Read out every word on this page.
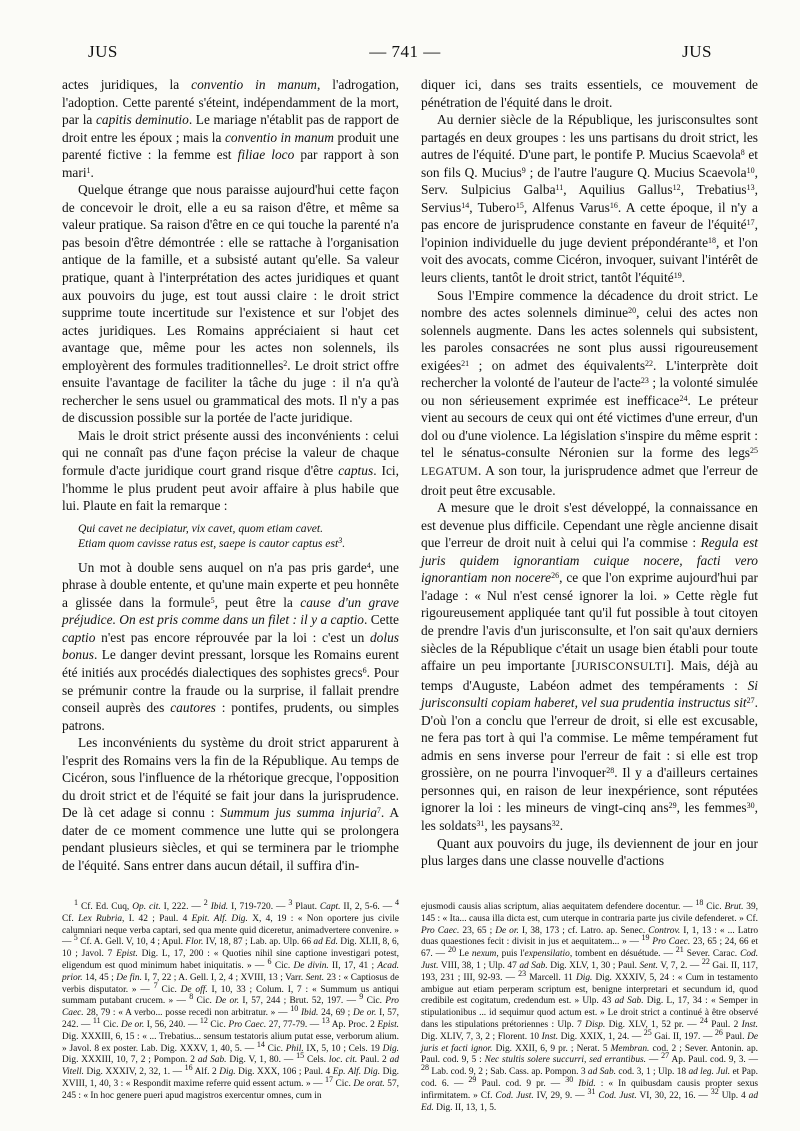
JUS	— 741 —	JUS

actes juridiques, la conventio in manum, l'adrogation, l'adoption. Cette parenté s'éteint, indépendamment de la mort, par la capitis deminutio. Le mariage n'établit pas de rapport de droit entre les époux ; mais la conventio in manum produit une parenté fictive : la femme est filiae loco par rapport à son mari$^1$.

Quelque étrange que nous paraisse aujourd'hui cette façon de concevoir le droit, elle a eu sa raison d'être, et même sa valeur pratique. Sa raison d'être en ce qui touche la parenté n'a pas besoin d'être démontrée : elle se rattache à l'organisation antique de la famille, et a subsisté autant qu'elle. Sa valeur pratique, quant à l'interprétation des actes juridiques et quant aux pouvoirs du juge, est tout aussi claire : le droit strict supprime toute incertitude sur l'existence et sur l'objet des actes juridiques. Les Romains appréciaient si haut cet avantage que, même pour les actes non solennels, ils employèrent des formules traditionnelles$^2$. Le droit strict offre ensuite l'avantage de faciliter la tâche du juge : il n'a qu'à rechercher le sens usuel ou grammatical des mots. Il n'y a pas de discussion possible sur la portée de l'acte juridique.

Mais le droit strict présente aussi des inconvénients : celui qui ne connaît pas d'une façon précise la valeur de chaque formule d'acte juridique court grand risque d'être captus. Ici, l'homme le plus prudent peut avoir affaire à plus habile que lui. Plaute en fait la remarque :

Qui cavet ne decipiatur, vix cavet, quom etiam cavet.
Etiam quom cavisse ratus est, saepe is cautor captus est$^3$.

Un mot à double sens auquel on n'a pas pris garde$^4$, une phrase à double entente, et qu'une main experte et peu honnête a glissée dans la formule$^5$, peut être la cause d'un grave préjudice. On est pris comme dans un filet : il y a captio. Cette captio n'est pas encore réprouvée par la loi : c'est un dolus bonus. Le danger devint pressant, lorsque les Romains eurent été initiés aux procédés dialectiques des sophistes grecs$^6$. Pour se prémunir contre la fraude ou la surprise, il fallait prendre conseil auprès des cautores : pontifes, prudents, ou simples patrons.

Les inconvénients du système du droit strict apparurent à l'esprit des Romains vers la fin de la République. Au temps de Cicéron, sous l'influence de la rhétorique grecque, l'opposition du droit strict et de l'équité se fait jour dans la jurisprudence. De là cet adage si connu : Summum jus summa injuria$^7$. A dater de ce moment commence une lutte qui se prolongera pendant plusieurs siècles, et qui se terminera par le triomphe de l'équité. Sans entrer dans aucun détail, il suffira d'in-

diquer ici, dans ses traits essentiels, ce mouvement de pénétration de l'équité dans le droit.

Au dernier siècle de la République, les jurisconsultes sont partagés en deux groupes : les uns partisans du droit strict, les autres de l'équité. D'une part, le pontife P. Mucius Scaevola$^8$ et son fils Q. Mucius$^9$ ; de l'autre l'augure Q. Mucius Scaevola$^{10}$, Serv. Sulpicius Galba$^{11}$, Aquilius Gallus$^{12}$, Trebatius$^{13}$, Servius$^{14}$, Tubero$^{15}$, Alfenus Varus$^{16}$. A cette époque, il n'y a pas encore de jurisprudence constante en faveur de l'équité$^{17}$, l'opinion individuelle du juge devient prépondérante$^{18}$, et l'on voit des avocats, comme Cicéron, invoquer, suivant l'intérêt de leurs clients, tantôt le droit strict, tantôt l'équité$^{19}$.

Sous l'Empire commence la décadence du droit strict. Le nombre des actes solennels diminue$^{20}$, celui des actes non solennels augmente. Dans les actes solennels qui subsistent, les paroles consacrées ne sont plus aussi rigoureusement exigées$^{21}$ ; on admet des équivalents$^{22}$. L'interprète doit rechercher la volonté de l'auteur de l'acte$^{23}$ ; la volonté simulée ou non sérieusement exprimée est inefficace$^{24}$. Le préteur vient au secours de ceux qui ont été victimes d'une erreur, d'un dol ou d'une violence. La législation s'inspire du même esprit : tel le sénatus-consulte Néronien sur la forme des legs$^{25}$ LEGATUM. A son tour, la jurisprudence admet que l'erreur de droit peut être excusable.

A mesure que le droit s'est développé, la connaissance en est devenue plus difficile. Cependant une règle ancienne disait que l'erreur de droit nuit à celui qui l'a commise : Regula est juris quidem ignorantiam cuique nocere, facti vero ignorantiam non nocere$^{26}$, ce que l'on exprime aujourd'hui par l'adage : « Nul n'est censé ignorer la loi. » Cette règle fut rigoureusement appliquée tant qu'il fut possible à tout citoyen de prendre l'avis d'un jurisconsulte, et l'on sait qu'aux derniers siècles de la République c'était un usage bien établi pour toute affaire un peu importante [JURISCONSULTI]. Mais, déjà au temps d'Auguste, Labéon admet des tempéraments : Si jurisconsulti copiam haberet, vel sua prudentia instructus sit$^{27}$. D'où l'on a conclu que l'erreur de droit, si elle est excusable, ne fera pas tort à qui l'a commise. Le même tempérament fut admis en sens inverse pour l'erreur de fait : si elle est trop grossière, on ne pourra l'invoquer$^{28}$. Il y a d'ailleurs certaines personnes qui, en raison de leur inexpérience, sont réputées ignorer la loi : les mineurs de vingt-cinq ans$^{29}$, les femmes$^{30}$, les soldats$^{31}$, les paysans$^{32}$.

Quant aux pouvoirs du juge, ils deviennent de jour en jour plus larges dans une classe nouvelle d'actions

$^1$ Cf. Ed. Cuq, Op. cit. I, 222. — $^2$ Ibid. I, 719-720. — $^3$ Plaut. Capt. II, 2, 5-6. — $^4$ Cf. Lex Rubria, I. 42 ; Paul. 4 Epit. Alf. Dig. X, 4, 19 : « Non oportere jus civile calumniari neque verba captari, sed qua mente quid diceretur, animadvertere convenire. » — $^5$ Cf. A. Gell. V, 10, 4 ; Apul. Flor. IV, 18, 87 ; Lab. ap. Ulp. 66 ad Ed. Dig. XLII, 8, 6, 10 ; Javol. 7 Epist. Dig. L, 17, 200 : « Quoties nihil sine captione investigari potest, eligendum est quod minimum habet iniquitatis. » — $^6$ Cic. De divin. II, 17, 41 ; Acad. prior. 14, 45 ; De fin. I, 7, 22 ; A. Gell. I, 2, 4 ; XVIII, 13 ; Varr. Sent. 23 : « Captiosus de verbis disputator. » — $^7$ Cic. De off. I, 10, 33 ; Colum. I, 7 : « Summum us antiqui summam putabant crucem. » — $^8$ Cic. De or. I, 57, 244 ; Brut. 52, 197. — $^9$ Cic. Pro Caec. 28, 79 : « A verbo... posse recedi non arbitratur. » — $^{10}$ Ibid. 24, 69 ; De or. I, 57, 242. — $^{11}$ Cic. De or. I, 56, 240. — $^{12}$ Cic. Pro Caec. 27, 77-79. — $^{13}$ Ap. Proc. 2 Epist. Dig. XXXIII, 6, 15 : « ... Trebatius... sensum testatoris alium putat esse, verborum alium. » Javol. 8 ex poster. Lab. Dig. XXXV, 1, 40, 5. — $^{14}$ Cic. Phil. IX, 5, 10 ; Cels. 19 Dig. Dig. XXXIII, 10, 7, 2 ; Pompon. 2 ad Sab. Dig. V, 1, 80. — $^{15}$ Cels. loc. cit. Paul. 2 ad Vitell. Dig. XXXIV, 2, 32, 1. — $^{16}$ Alf. 2 Dig. Dig. XXX, 106 ; Paul. 4 Ep. Alf. Dig. Dig. XVIII, 1, 40, 3 : « Respondit maxime referre quid essent actum. » — $^{17}$ Cic. De orat. 57, 245 : « In hoc genere pueri apud magistros exercentur omnes, cum in

ejusmodi causis alias scriptum, alias aequitatem defendere docentur. — $^{18}$ Cic. Brut. 39, 145 : « Ita... causa illa dicta est, cum uterque in contraria parte jus civile defenderet. » Cf. Pro Caec. 23, 65 ; De or. I, 38, 173 ; cf. Latro. ap. Senec. Controv. I, 1, 13 : « ... Latro duas quaestiones fecit : divisit in jus et aequitatem... » — $^{19}$ Pro Caec. 23, 65 ; 24, 66 et 67. — $^{20}$ Le nexum, puis l'expensilatio, tombent en désuétude. — $^{21}$ Sever. Carac. Cod. Just. VIII, 38, 1 ; Ulp. 47 ad Sab. Dig. XLV, 1, 30 ; Paul. Sent. V, 7, 2. — $^{22}$ Gai. II, 117, 193, 231 ; III, 92-93. — $^{23}$ Marcell. 11 Dig. Dig. XXXIV, 5, 24 : « Cum in testamento ambigue aut etiam perperam scriptum est, benigne interpretari et secundum id, quod credibile est cogitatum, credendum est. » Ulp. 43 ad Sab. Dig. L, 17, 34 : « Semper in stipulationibus ... id sequimur quod actum est. » Le droit strict a continué à être observé dans les stipulations prétoriennes : Ulp. 7 Disp. Dig. XLV, 1, 52 pr. — $^{24}$ Paul. 2 Inst. Dig. XLIV, 7, 3, 2 ; Florent. 10 Inst. Dig. XXIX, 1, 24. — $^{25}$ Gai. II, 197. — $^{26}$ Paul. De juris et facti ignor. Dig. XXII, 6, 9 pr. ; Nerat. 5 Membran. cod. 2 ; Sever. Antonin. ap. Paul. cod. 9, 5 : Nec stultis solere succurri, sed errantibus. — $^{27}$ Ap. Paul. cod. 9, 3. — $^{28}$ Lab. cod. 9, 2 ; Sab. Cass. ap. Pompon. 3 ad Sab. cod. 3, 1 ; Ulp. 18 ad leg. Jul. et Pap. cod. 6. — $^{29}$ Paul. cod. 9 pr. — $^{30}$ Ibid. : « In quibusdam causis propter sexus infirmitatem. » Cf. Cod. Just. IV, 29, 9. — $^{31}$ Cod. Just. VI, 30, 22, 16. — $^{32}$ Ulp. 4 ad Ed. Dig. II, 13, 1, 5.
